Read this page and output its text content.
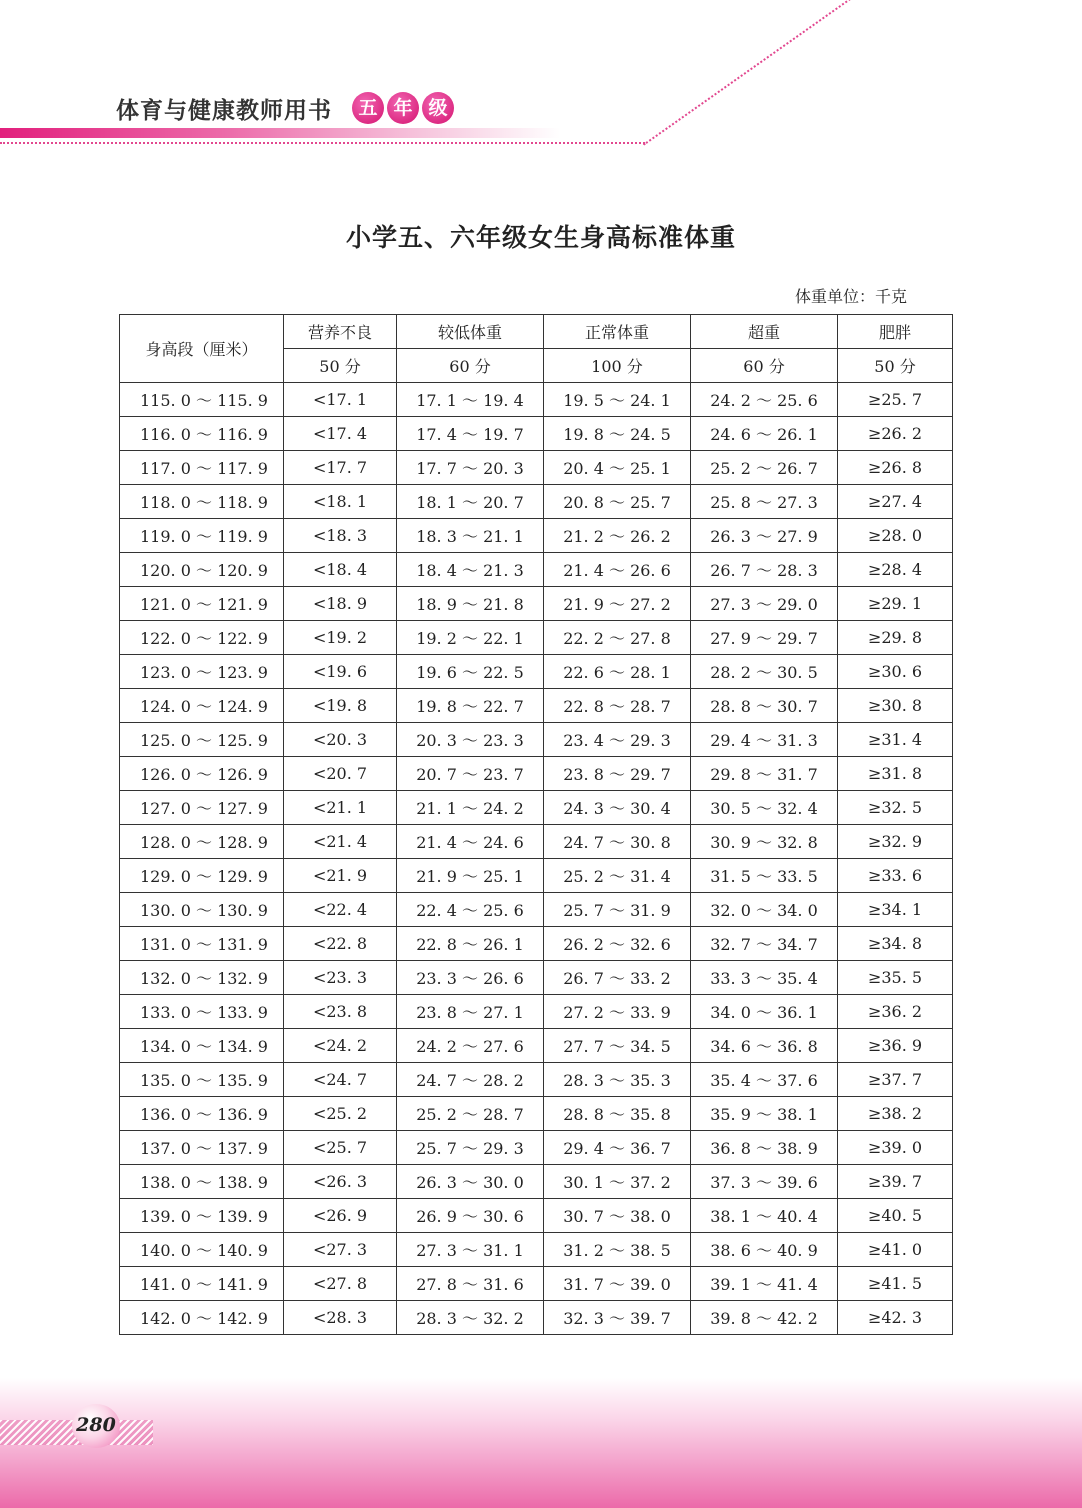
体育与健康教师用书	五 年 级
小学五、六年级女生身高标准体重
体重单位：千克
身高段（厘米）	营养不良	较低体重	正常体重	超重	肥胖
	50 分	60 分	100 分	60 分	50 分
115. 0 ～ 115. 9	<17. 1	17. 1 ～ 19. 4	19. 5 ～ 24. 1	24. 2 ～ 25. 6	≥25. 7
116. 0 ～ 116. 9	<17. 4	17. 4 ～ 19. 7	19. 8 ～ 24. 5	24. 6 ～ 26. 1	≥26. 2
117. 0 ～ 117. 9	<17. 7	17. 7 ～ 20. 3	20. 4 ～ 25. 1	25. 2 ～ 26. 7	≥26. 8
118. 0 ～ 118. 9	<18. 1	18. 1 ～ 20. 7	20. 8 ～ 25. 7	25. 8 ～ 27. 3	≥27. 4
119. 0 ～ 119. 9	<18. 3	18. 3 ～ 21. 1	21. 2 ～ 26. 2	26. 3 ～ 27. 9	≥28. 0
120. 0 ～ 120. 9	<18. 4	18. 4 ～ 21. 3	21. 4 ～ 26. 6	26. 7 ～ 28. 3	≥28. 4
121. 0 ～ 121. 9	<18. 9	18. 9 ～ 21. 8	21. 9 ～ 27. 2	27. 3 ～ 29. 0	≥29. 1
122. 0 ～ 122. 9	<19. 2	19. 2 ～ 22. 1	22. 2 ～ 27. 8	27. 9 ～ 29. 7	≥29. 8
123. 0 ～ 123. 9	<19. 6	19. 6 ～ 22. 5	22. 6 ～ 28. 1	28. 2 ～ 30. 5	≥30. 6
124. 0 ～ 124. 9	<19. 8	19. 8 ～ 22. 7	22. 8 ～ 28. 7	28. 8 ～ 30. 7	≥30. 8
125. 0 ～ 125. 9	<20. 3	20. 3 ～ 23. 3	23. 4 ～ 29. 3	29. 4 ～ 31. 3	≥31. 4
126. 0 ～ 126. 9	<20. 7	20. 7 ～ 23. 7	23. 8 ～ 29. 7	29. 8 ～ 31. 7	≥31. 8
127. 0 ～ 127. 9	<21. 1	21. 1 ～ 24. 2	24. 3 ～ 30. 4	30. 5 ～ 32. 4	≥32. 5
128. 0 ～ 128. 9	<21. 4	21. 4 ～ 24. 6	24. 7 ～ 30. 8	30. 9 ～ 32. 8	≥32. 9
129. 0 ～ 129. 9	<21. 9	21. 9 ～ 25. 1	25. 2 ～ 31. 4	31. 5 ～ 33. 5	≥33. 6
130. 0 ～ 130. 9	<22. 4	22. 4 ～ 25. 6	25. 7 ～ 31. 9	32. 0 ～ 34. 0	≥34. 1
131. 0 ～ 131. 9	<22. 8	22. 8 ～ 26. 1	26. 2 ～ 32. 6	32. 7 ～ 34. 7	≥34. 8
132. 0 ～ 132. 9	<23. 3	23. 3 ～ 26. 6	26. 7 ～ 33. 2	33. 3 ～ 35. 4	≥35. 5
133. 0 ～ 133. 9	<23. 8	23. 8 ～ 27. 1	27. 2 ～ 33. 9	34. 0 ～ 36. 1	≥36. 2
134. 0 ～ 134. 9	<24. 2	24. 2 ～ 27. 6	27. 7 ～ 34. 5	34. 6 ～ 36. 8	≥36. 9
135. 0 ～ 135. 9	<24. 7	24. 7 ～ 28. 2	28. 3 ～ 35. 3	35. 4 ～ 37. 6	≥37. 7
136. 0 ～ 136. 9	<25. 2	25. 2 ～ 28. 7	28. 8 ～ 35. 8	35. 9 ～ 38. 1	≥38. 2
137. 0 ～ 137. 9	<25. 7	25. 7 ～ 29. 3	29. 4 ～ 36. 7	36. 8 ～ 38. 9	≥39. 0
138. 0 ～ 138. 9	<26. 3	26. 3 ～ 30. 0	30. 1 ～ 37. 2	37. 3 ～ 39. 6	≥39. 7
139. 0 ～ 139. 9	<26. 9	26. 9 ～ 30. 6	30. 7 ～ 38. 0	38. 1 ～ 40. 4	≥40. 5
140. 0 ～ 140. 9	<27. 3	27. 3 ～ 31. 1	31. 2 ～ 38. 5	38. 6 ～ 40. 9	≥41. 0
141. 0 ～ 141. 9	<27. 8	27. 8 ～ 31. 6	31. 7 ～ 39. 0	39. 1 ～ 41. 4	≥41. 5
142. 0 ～ 142. 9	<28. 3	28. 3 ～ 32. 2	32. 3 ～ 39. 7	39. 8 ～ 42. 2	≥42. 3
280
